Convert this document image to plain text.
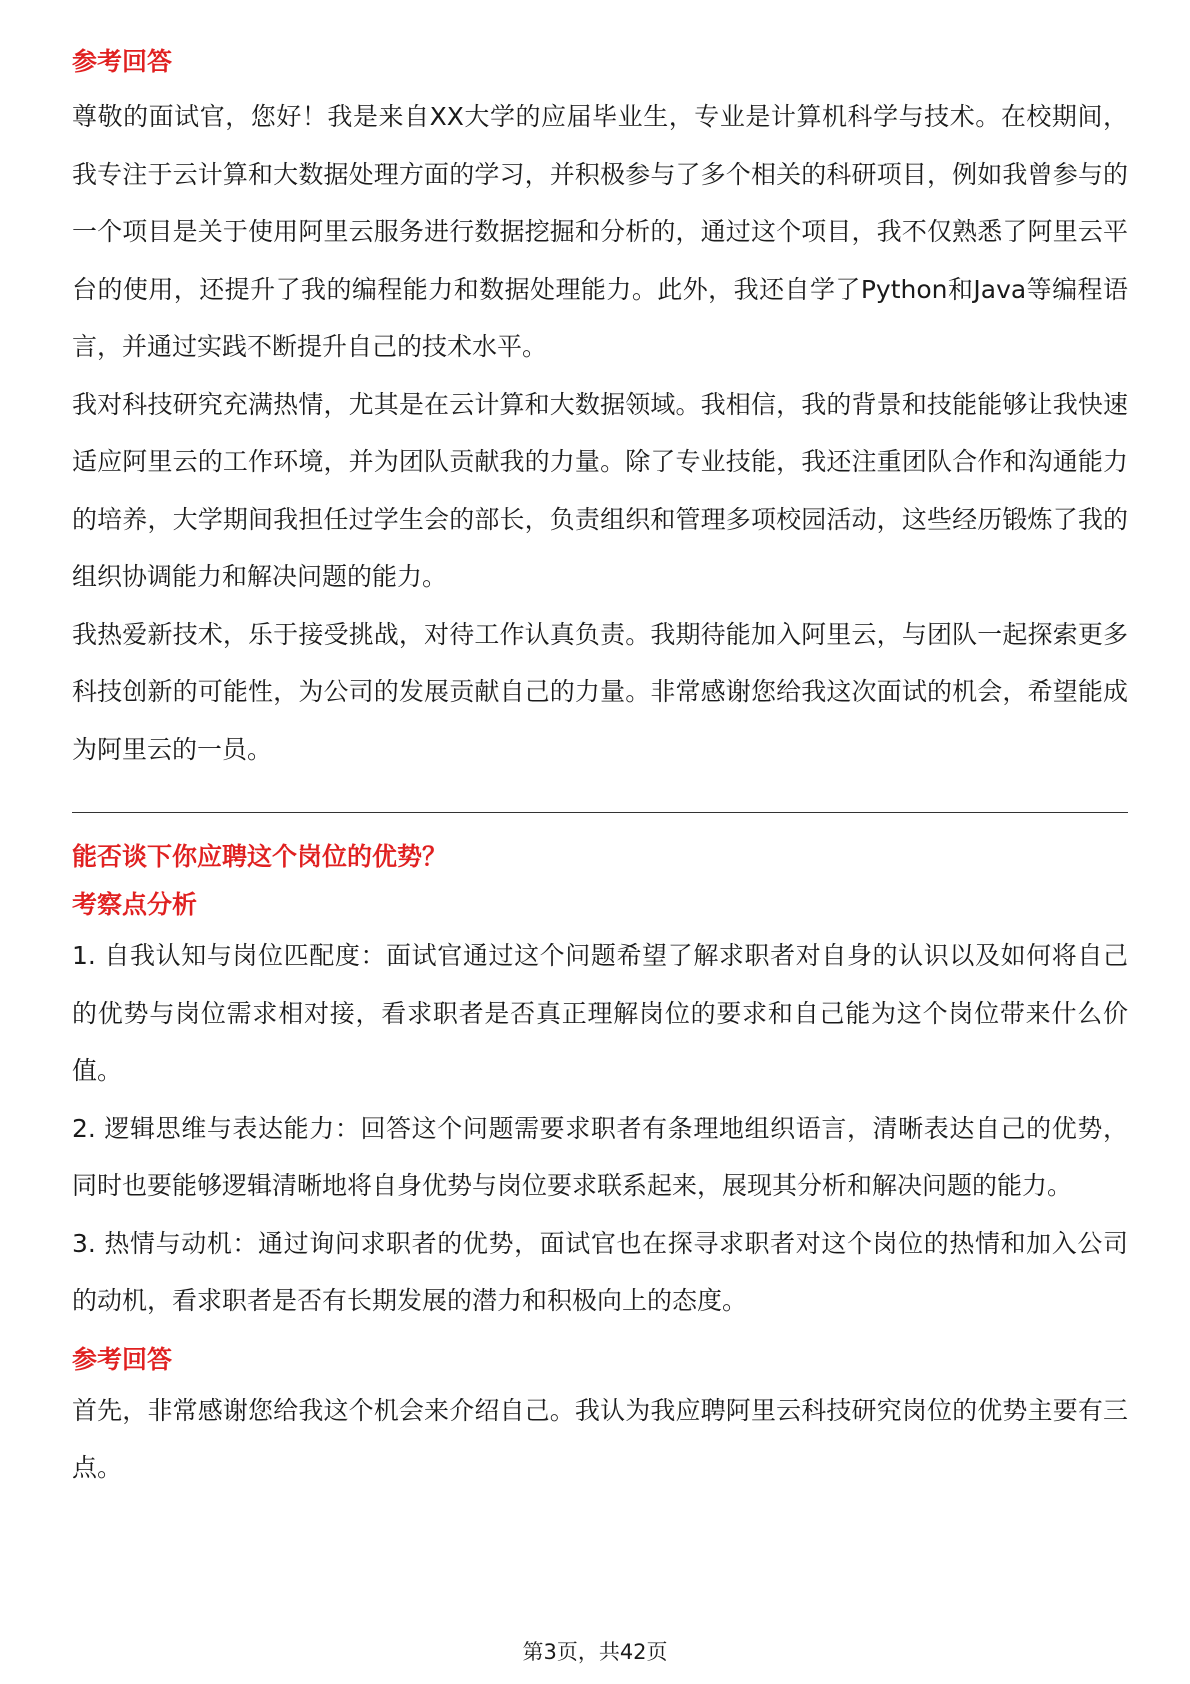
参考回答

尊敬的面试官，您好！我是来自XX大学的应届毕业生，专业是计算机科学与技术。在校期间，我专注于云计算和大数据处理方面的学习，并积极参与了多个相关的科研项目，例如我曾参与的一个项目是关于使用阿里云服务进行数据挖掘和分析的，通过这个项目，我不仅熟悉了阿里云平台的使用，还提升了我的编程能力和数据处理能力。此外，我还自学了Python和Java等编程语言，并通过实践不断提升自己的技术水平。

我对科技研究充满热情，尤其是在云计算和大数据领域。我相信，我的背景和技能能够让我快速适应阿里云的工作环境，并为团队贡献我的力量。除了专业技能，我还注重团队合作和沟通能力的培养，大学期间我担任过学生会的部长，负责组织和管理多项校园活动，这些经历锻炼了我的组织协调能力和解决问题的能力。

我热爱新技术，乐于接受挑战，对待工作认真负责。我期待能加入阿里云，与团队一起探索更多科技创新的可能性，为公司的发展贡献自己的力量。非常感谢您给我这次面试的机会，希望能成为阿里云的一员。

能否谈下你应聘这个岗位的优势？
考察点分析

1. 自我认知与岗位匹配度：面试官通过这个问题希望了解求职者对自身的认识以及如何将自己的优势与岗位需求相对接，看求职者是否真正理解岗位的要求和自己能为这个岗位带来什么价值。

2. 逻辑思维与表达能力：回答这个问题需要求职者有条理地组织语言，清晰表达自己的优势，同时也要能够逻辑清晰地将自身优势与岗位要求联系起来，展现其分析和解决问题的能力。

3. 热情与动机：通过询问求职者的优势，面试官也在探寻求职者对这个岗位的热情和加入公司的动机，看求职者是否有长期发展的潜力和积极向上的态度。

参考回答

首先，非常感谢您给我这个机会来介绍自己。我认为我应聘阿里云科技研究岗位的优势主要有三点。

第3页，共42页
